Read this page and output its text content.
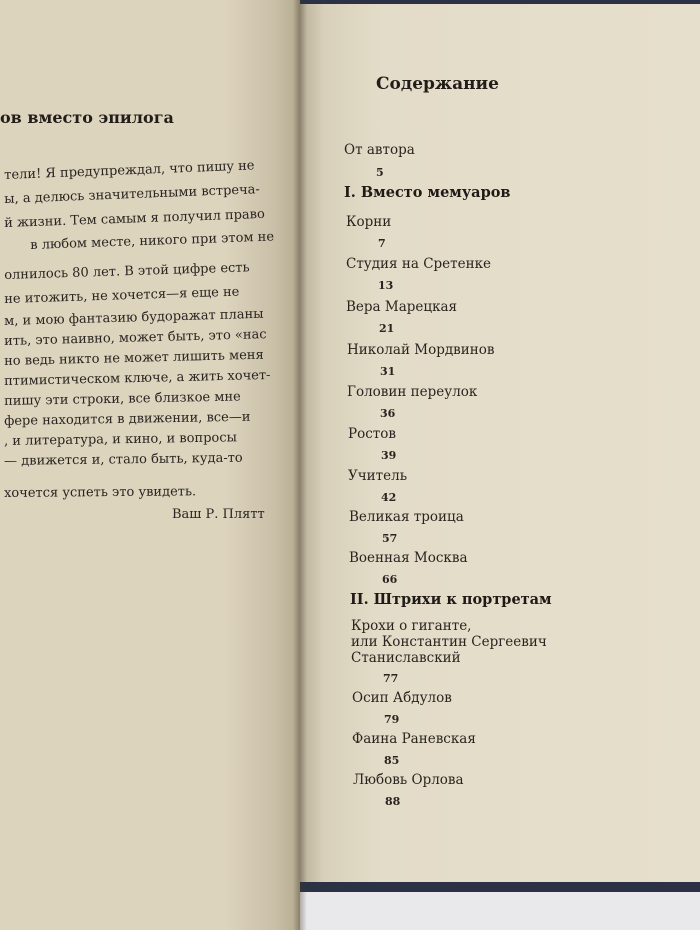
ов вместо эпилога
тели! Я предупреждал, что пишу не
ы, а делюсь значительными встреча-
й жизни. Тем самым я получил право
в любом месте, никого при этом не
олнилось 80 лет. В этой цифре есть
не итожить, не хочется—я еще не
м, и мою фантазию будоражат планы
ить, это наивно, может быть, это «нас
но ведь никто не может лишить меня
птимистическом ключе, а жить хочет-
пишу эти строки, все близкое мне
фере находится в движении, все—и
, и литература, и кино, и вопросы
— движется и, стало быть, куда-то
хочется успеть это увидеть.
Ваш Р. Плятт
Содержание
От автора
5
I. Вместо мемуаров
Корни
7
Студия на Сретенке
13
Вера Марецкая
21
Николай Мордвинов
31
Головин переулок
36
Ростов
39
Учитель
42
Великая троица
57
Военная Москва
66
II. Штрихи к портретам
Крохи о гиганте,
или Константин Сергеевич
Станиславский
77
Осип Абдулов
79
Фаина Раневская
85
Любовь Орлова
88
